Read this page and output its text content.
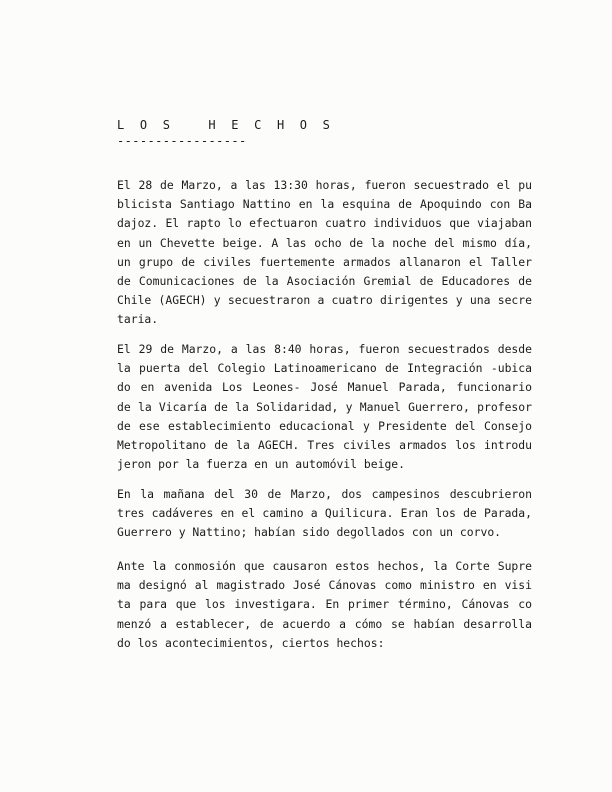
L O S   H E C H O S
-----------------
El 28 de Marzo, a las 13:30 horas, fueron secuestrado el pu
blicista Santiago Nattino en la esquina de Apoquindo con Ba
dajoz. El rapto lo efectuaron cuatro individuos que viajaban
en un Chevette beige. A las ocho de la noche del mismo día,
un grupo de civiles fuertemente armados allanaron el Taller
de Comunicaciones de la Asociación Gremial de Educadores de
Chile (AGECH) y secuestraron a cuatro dirigentes y una secre
taria.
El 29 de Marzo, a las 8:40 horas, fueron secuestrados desde
la puerta del Colegio Latinoamericano de Integración -ubica
do en avenida Los Leones- José Manuel Parada, funcionario
de la Vicaría de la Solidaridad, y Manuel Guerrero, profesor
de ese establecimiento educacional y Presidente del Consejo
Metropolitano de la AGECH. Tres civiles armados los introdu
jeron por la fuerza en un automóvil beige.
En la mañana del 30 de Marzo, dos campesinos descubrieron
tres cadáveres en el camino a Quilicura. Eran los de Parada,
Guerrero y Nattino; habían sido degollados con un corvo.
Ante la conmosión que causaron estos hechos, la Corte Supre
ma designó al magistrado José Cánovas como ministro en visi
ta para que los investigara. En primer término, Cánovas co
menzó a establecer, de acuerdo a cómo se habían desarrolla
do los acontecimientos, ciertos hechos:
